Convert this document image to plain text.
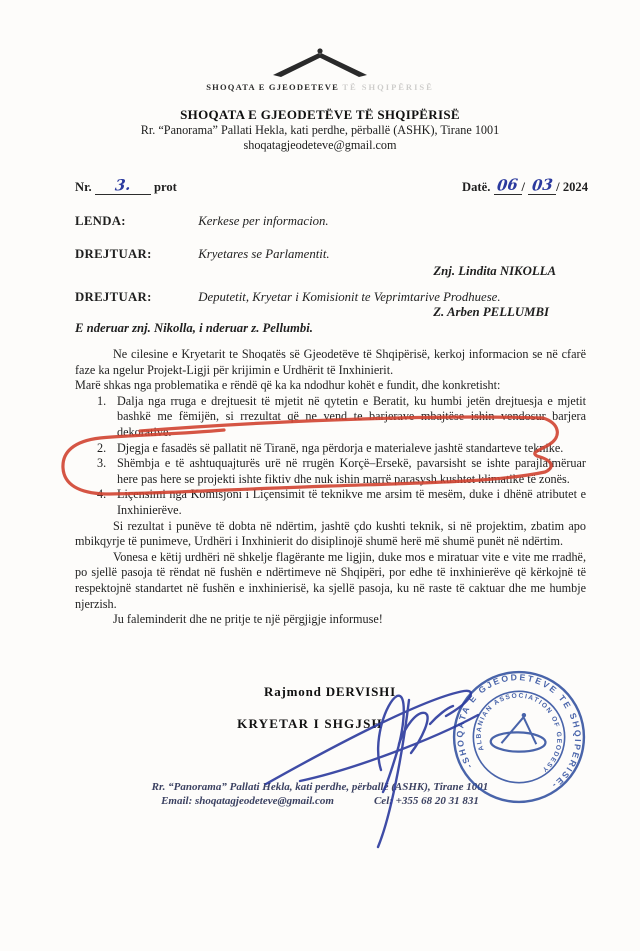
SHOQATA E GJEODETEVE TË SHQIPËRISË
SHOQATA E GJEODETËVE TË SHQIPËRISË
Rr. “Panorama” Pallati Hekla, kati perdhe, përballë (ASHK), Tirane 1001
shoqatagjeodeteve@gmail.com
Nr. 3. prot	Datë. 06 / 03 / 2024
LENDA:	Kerkese per informacion.
DREJTUAR:	Kryetares se Parlamentit.
Znj. Lindita NIKOLLA
DREJTUAR:	Deputetit, Kryetar i Komisionit te Veprimtarive Prodhuese.
Z. Arben PELLUMBI
E nderuar znj. Nikolla, i nderuar z. Pellumbi.

Ne cilesine e Kryetarit te Shoqatës së Gjeodetëve të Shqipërisë, kerkoj informacion se në cfarë faze ka ngelur Projekt-Ligji për krijimin e Urdhërit të Inxhinierit.

Marë shkas nga problematika e rëndë që ka ka ndodhur kohët e fundit, dhe konkretisht:

1. Dalja nga rruga e drejtuesit të mjetit në qytetin e Beratit, ku humbi jetën drejtuesja e mjetit bashkë me fëmijën, si rrezultat që ne vend te barjerave mbajtëse ishin vendosur barjera dekorative.
2. Djegja e fasadës së pallatit në Tiranë, nga përdorja e materialeve jashtë standarteve teknike.
3. Shëmbja e të ashtuquajturës urë në rrugën Korçë–Ersekë, pavarsisht se ishte parajlajmëruar here pas here se projekti ishte fiktiv dhe nuk ishin marrë parasysh kushtet klimatike të zonës.
4. Liçensimi nga Komisjoni i Liçensimit të teknikve me arsim të mesëm, duke i dhënë atributet e Inxhinierëve.

Si rezultat i punëve të dobta në ndërtim, jashtë çdo kushti teknik, si në projektim, zbatim apo mbikqyrje të punimeve, Urdhëri i Inxhinierit do disiplinojë shumë herë më shumë punët në ndërtim.

Vonesa e këtij urdhëri në shkelje flagërante me ligjin, duke mos e miratuar vite e vite me rradhë, po sjellë pasoja të rëndat në fushën e ndërtimeve në Shqipëri, por edhe të inxhinierëve që kërkojnë të respektojnë standartet në fushën e inxhinierisë, ka sjellë pasoja, ku në raste të caktuar dhe me humbje njerzish.

Ju faleminderit dhe ne pritje te një përgjigje informuse!

Rajmond DERVISHI
KRYETAR I SHGJSH
-SHOQATA E GJEODETEVE TE SHQIPERISE-
ALBANIAN ASSOCIATION OF GEODESY
Rr. “Panorama” Pallati Hekla, kati perdhe, përballë (ASHK), Tirane 1001
Email: shoqatagjeodeteve@gmail.com	Cel: +355 68 20 31 831
